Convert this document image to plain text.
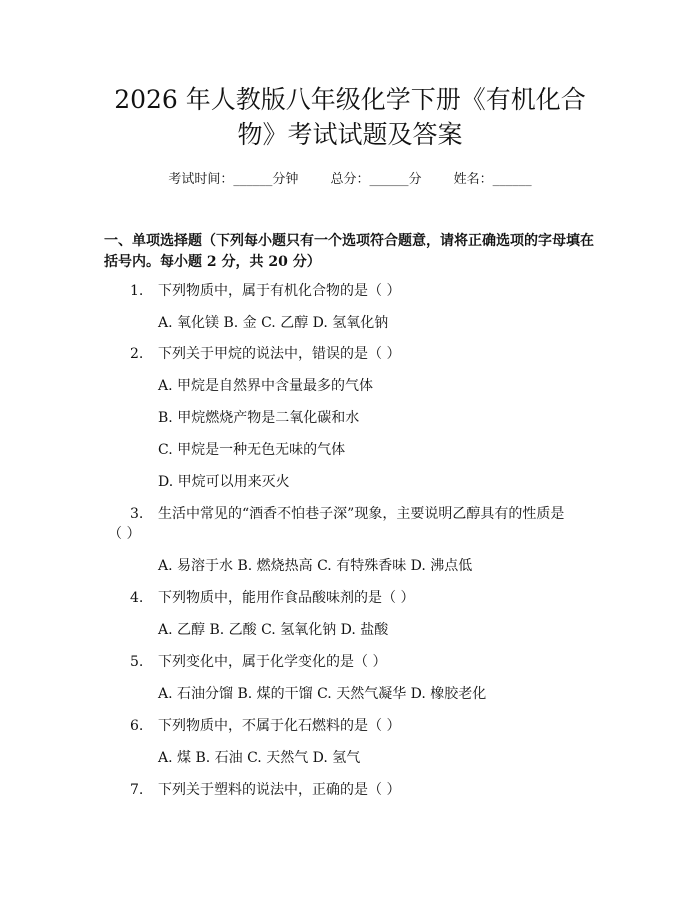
2026 年人教版八年级化学下册《有机化合
物》考试试题及答案
考试时间：______分钟 总分：______分 姓名：______
一、单项选择题（下列每小题只有一个选项符合题意，请将正确选项的字母填在
括号内。每小题 2 分，共 20 分）
1. 下列物质中，属于有机化合物的是（ ）
A. 氧化镁 B. 金 C. 乙醇 D. 氢氧化钠
2. 下列关于甲烷的说法中，错误的是（ ）
A. 甲烷是自然界中含量最多的气体
B. 甲烷燃烧产物是二氧化碳和水
C. 甲烷是一种无色无味的气体
D. 甲烷可以用来灭火
3. 生活中常见的“酒香不怕巷子深”现象，主要说明乙醇具有的性质是
（ ）
A. 易溶于水 B. 燃烧热高 C. 有特殊香味 D. 沸点低
4. 下列物质中，能用作食品酸味剂的是（ ）
A. 乙醇 B. 乙酸 C. 氢氧化钠 D. 盐酸
5. 下列变化中，属于化学变化的是（ ）
A. 石油分馏 B. 煤的干馏 C. 天然气凝华 D. 橡胶老化
6. 下列物质中，不属于化石燃料的是（ ）
A. 煤 B. 石油 C. 天然气 D. 氢气
7. 下列关于塑料的说法中，正确的是（ ）
